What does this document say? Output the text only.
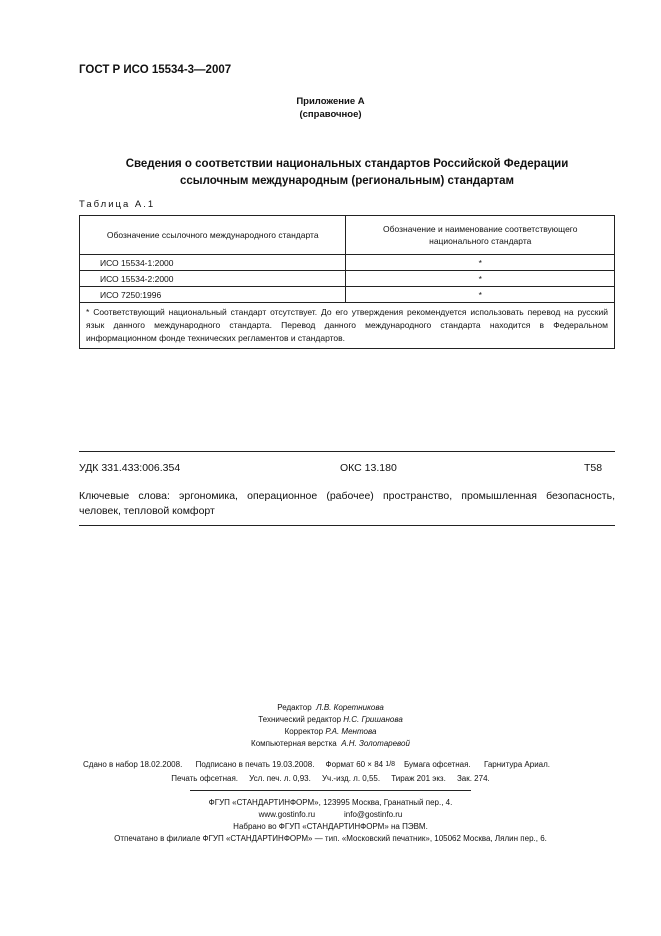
ГОСТ Р ИСО 15534-3—2007
Приложение А
(справочное)
Сведения о соответствии национальных стандартов Российской Федерации
ссылочным международным (региональным) стандартам
Таблица А.1
Обозначение ссылочного международного стандарта	Обозначение и наименование соответствующего национального стандарта
ИСО 15534-1:2000	*
ИСО 15534-2:2000	*
ИСО 7250:1996	*
* Соответствующий национальный стандарт отсутствует. До его утверждения рекомендуется использовать перевод на русский язык данного международного стандарта. Перевод данного международного стандарта находится в Федеральном информационном фонде технических регламентов и стандартов.	
УДК 331.433:006.354	ОКС 13.180	Т58
Ключевые слова: эргономика, операционное (рабочее) пространство, промышленная безопасность, человек, тепловой комфорт
Редактор Л.В. Коретникова
Технический редактор Н.С. Гришанова
Корректор Р.А. Ментова
Компьютерная верстка А.Н. Золотаревой
Сдано в набор 18.02.2008. Подписано в печать 19.03.2008. Формат 60 × 84 1/8 Бумага офсетная. Гарнитура Ариал.
Печать офсетная. Усл. печ. л. 0,93. Уч.-изд. л. 0,55. Тираж 201 экз. Зак. 274.
ФГУП «СТАНДАРТИНФОРМ», 123995 Москва, Гранатный пер., 4.
www.gostinfo.ru	info@gostinfo.ru
Набрано во ФГУП «СТАНДАРТИНФОРМ» на ПЭВМ.
Отпечатано в филиале ФГУП «СТАНДАРТИНФОРМ» — тип. «Московский печатник», 105062 Москва, Лялин пер., 6.
